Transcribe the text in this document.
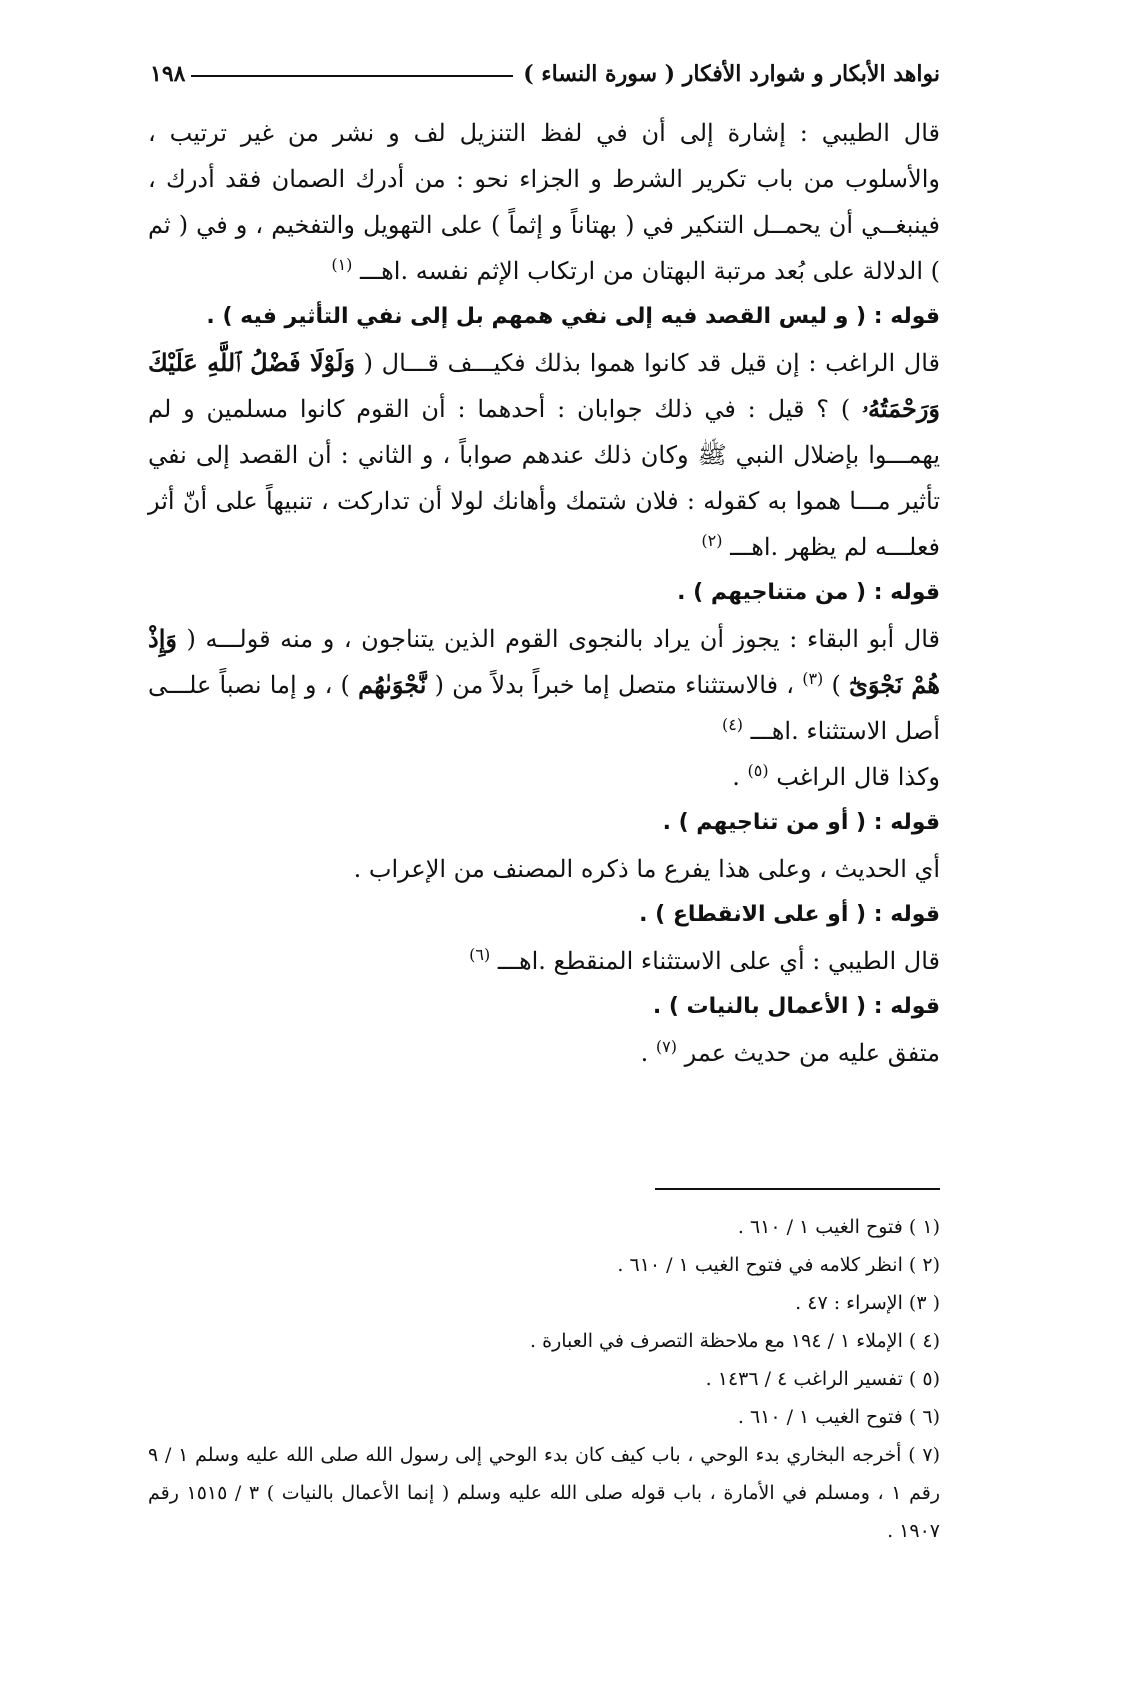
نواهد الأبكار و شوارد الأفكار ( سورة النساء )
١٩٨

قال الطيبي : إشارة إلى أن في لفظ التنزيل لف و نشر من غير ترتيب ، والأسلوب من باب تكرير الشرط و الجزاء نحو : من أدرك الصمان فقد أدرك ، فينبغــي أن يحمــل التنكير في ( بهتاناً و إثماً ) على التهويل والتفخيم ، و في ( ثم ) الدلالة على بُعد مرتبة البهتان من ارتكاب الإثم نفسه .اهـــ $^{(١)}$

قوله : ( و ليس القصد فيه إلى نفي همهم بل إلى نفي التأثير فيه ) .

قال الراغب : إن قيل قد كانوا هموا بذلك فكيـــف قـــال ( وَلَوْلَا فَضْلُ ٱللَّهِ عَلَيْكَ وَرَحْمَتُهُۥ ) ؟ قيل : في ذلك جوابان : أحدهما : أن القوم كانوا مسلمين و لم يهمـــوا بإضلال النبي ﷺ وكان ذلك عندهم صواباً ، و الثاني : أن القصد إلى نفي تأثير مـــا هموا به كقوله : فلان شتمك وأهانك لولا أن تداركت ، تنبيهاً على أنّ أثر فعلـــه لم يظهر .اهـــ $^{(٢)}$

قوله : ( من متناجيهم ) .

قال أبو البقاء : يجوز أن يراد بالنجوى القوم الذين يتناجون ، و منه قولـــه ( وَإِذْ هُمْ نَجْوَىٰٓ ) $^{(٣)}$ ، فالاستثناء متصل إما خبراً بدلاً من ( نَّجْوَىٰهُم ) ، و إما نصباً علـــى أصل الاستثناء .اهـــ $^{(٤)}$

وكذا قال الراغب $^{(٥)}$ .

قوله : ( أو من تناجيهم ) .

أي الحديث ، وعلى هذا يفرع ما ذكره المصنف من الإعراب .

قوله : ( أو على الانقطاع ) .

قال الطيبي : أي على الاستثناء المنقطع .اهـــ $^{(٦)}$

قوله : ( الأعمال بالنيات ) .

متفق عليه من حديث عمر $^{(٧)}$ .

(١ ) فتوح الغيب ١ / ٦١٠ .

(٢ ) انظر كلامه في فتوح الغيب ١ / ٦١٠ .

( ٣) الإسراء : ٤٧ .

(٤ ) الإملاء ١ / ١٩٤ مع ملاحظة التصرف في العبارة .

(٥ ) تفسير الراغب ٤ / ١٤٣٦ .

(٦ ) فتوح الغيب ١ / ٦١٠ .

(٧ ) أخرجه البخاري بدء الوحي ، باب كيف كان بدء الوحي إلى رسول الله صلى الله عليه وسلم ١ / ٩ رقم ١ ، ومسلم في الأمارة ، باب قوله صلى الله عليه وسلم ( إنما الأعمال بالنيات ) ٣ / ١٥١٥ رقم ١٩٠٧ .
